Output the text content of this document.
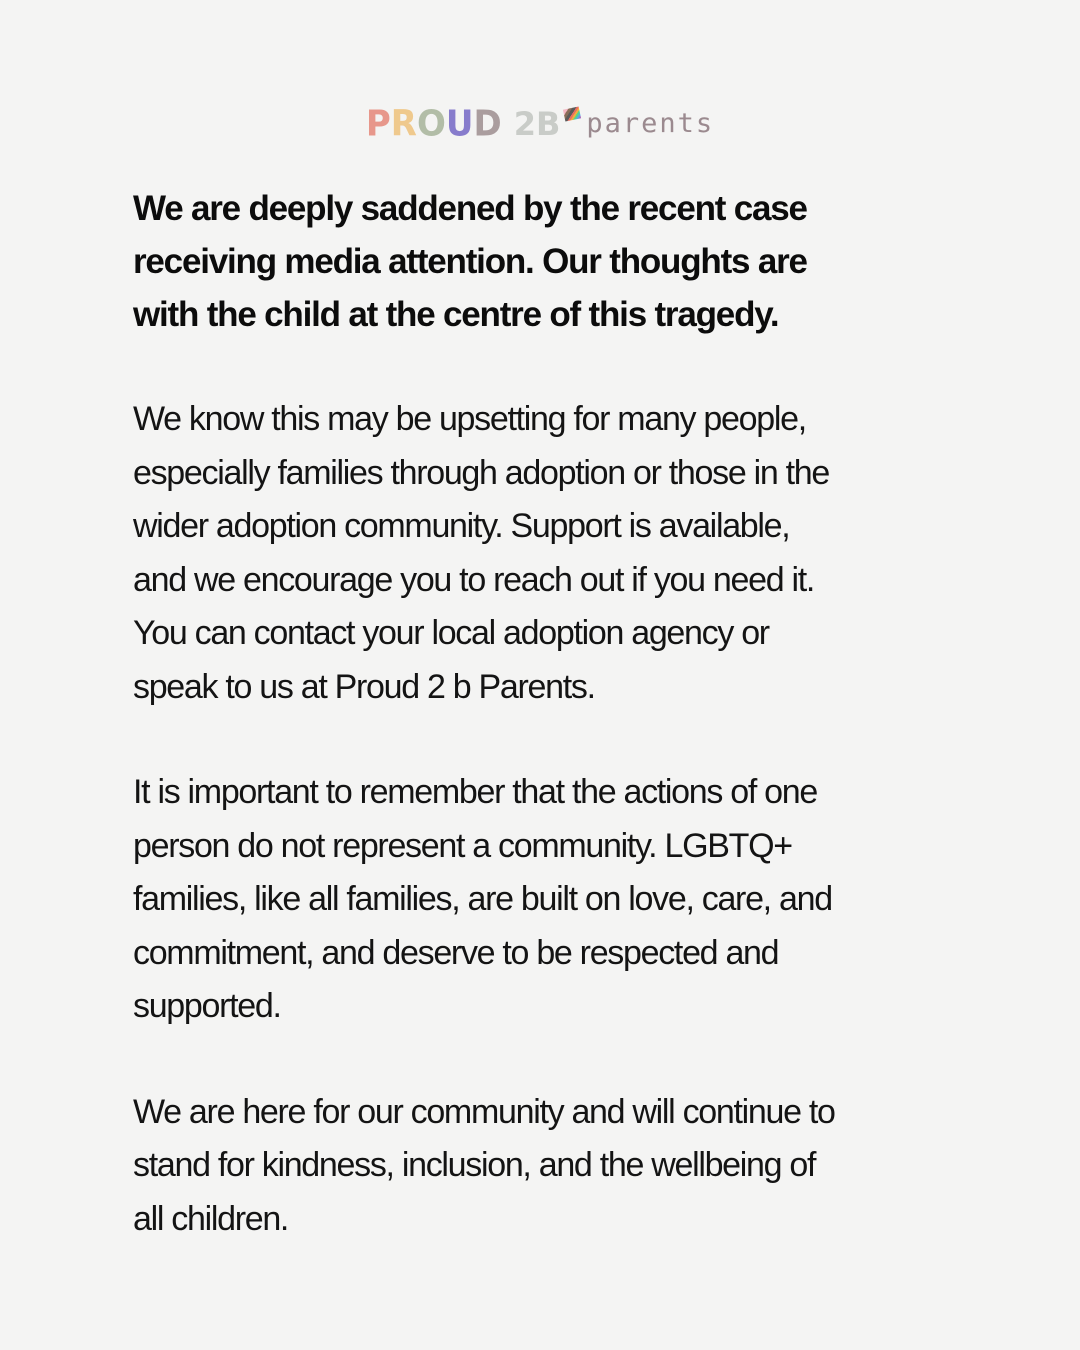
P R O U D 2B parents
We are deeply saddened by the recent case
receiving media attention. Our thoughts are
with the child at the centre of this tragedy.

We know this may be upsetting for many people,
especially families through adoption or those in the
wider adoption community. Support is available,
and we encourage you to reach out if you need it.
You can contact your local adoption agency or
speak to us at Proud 2 b Parents.

It is important to remember that the actions of one
person do not represent a community. LGBTQ+
families, like all families, are built on love, care, and
commitment, and deserve to be respected and
supported.

We are here for our community and will continue to
stand for kindness, inclusion, and the wellbeing of
all children.
